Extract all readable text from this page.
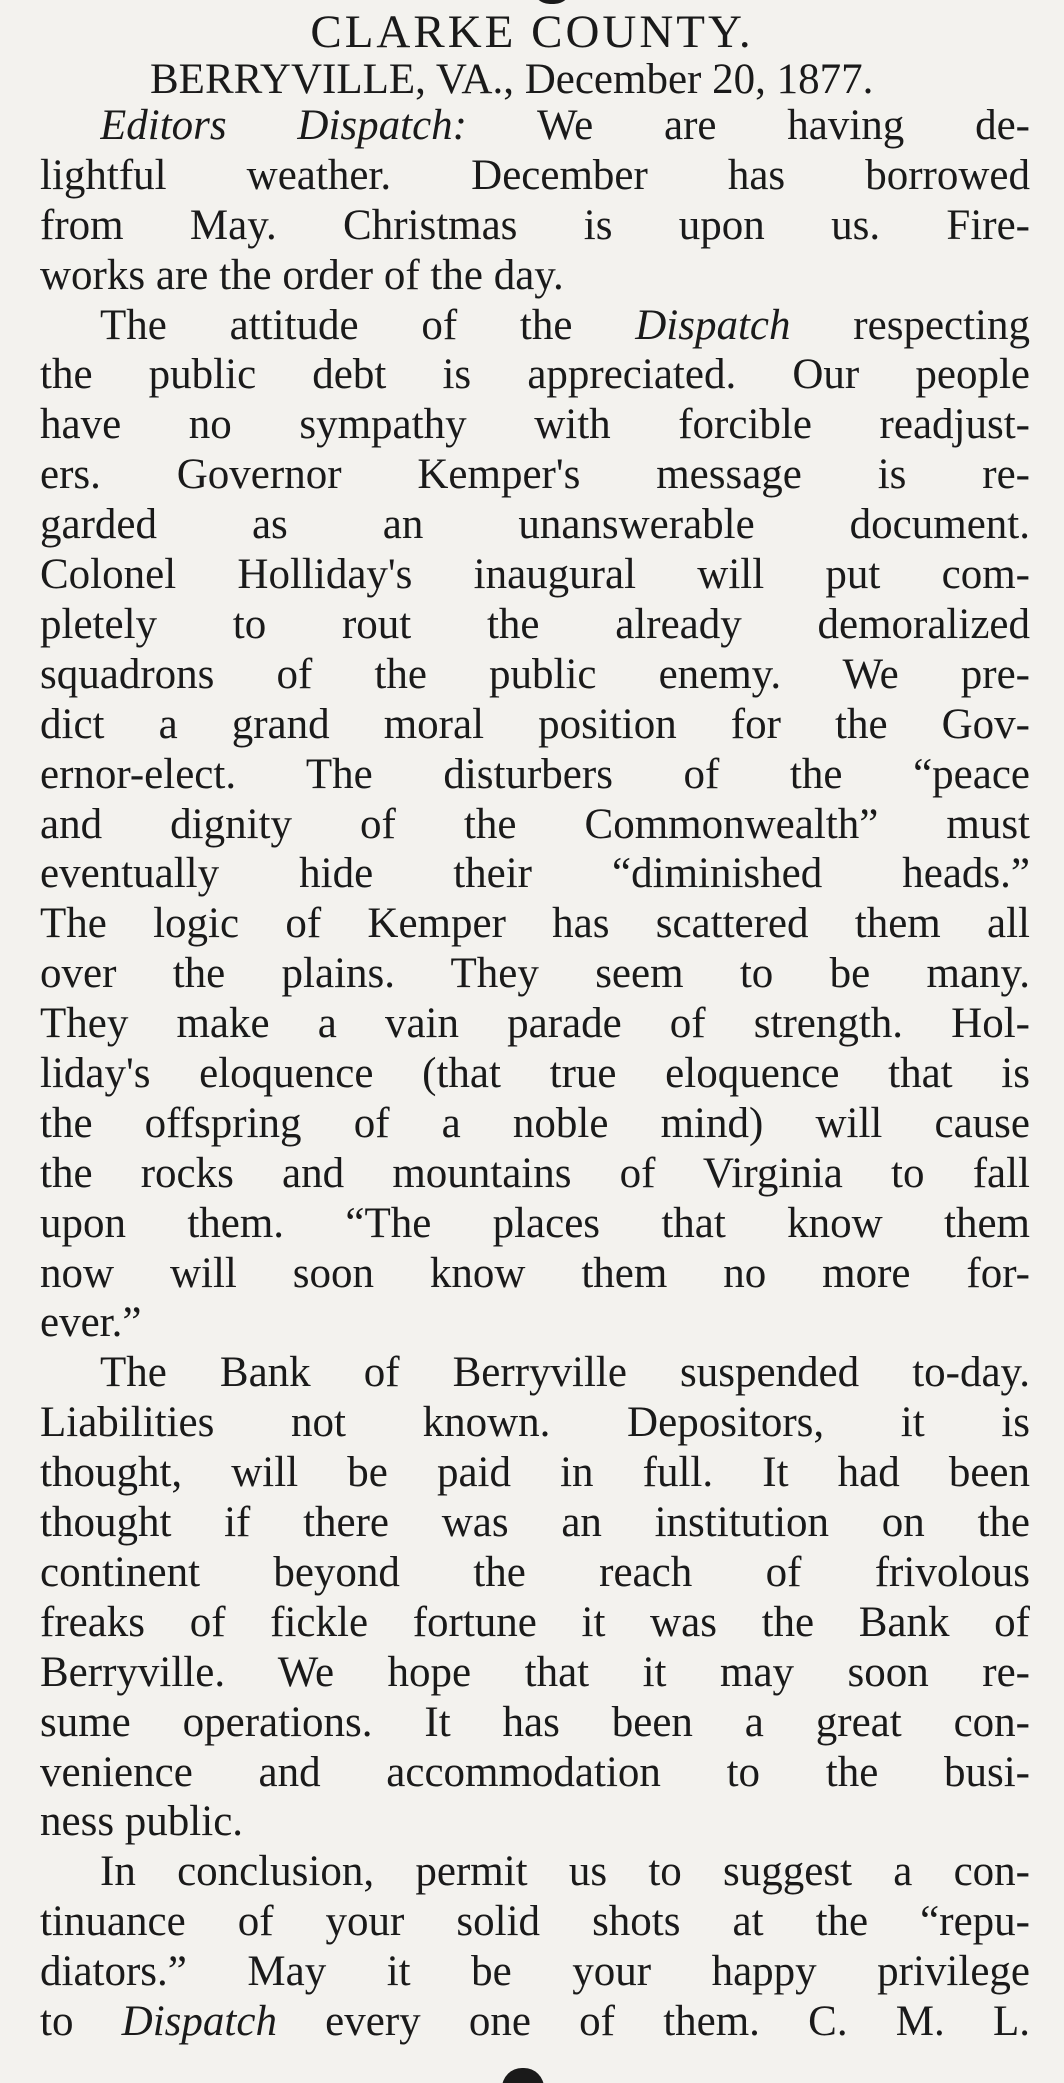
CLARKE COUNTY.

BERRYVILLE, VA., December 20, 1877.

Editors Dispatch: We are having de-

lightful weather. December has borrowed

from May. Christmas is upon us. Fire-

works are the order of the day.

The attitude of the Dispatch respecting

the public debt is appreciated. Our people

have no sympathy with forcible readjust-

ers. Governor Kemper's message is re-

garded as an unanswerable document.

Colonel Holliday's inaugural will put com-

pletely to rout the already demoralized

squadrons of the public enemy. We pre-

dict a grand moral position for the Gov-

ernor-elect. The disturbers of the “peace

and dignity of the Commonwealth” must

eventually hide their “diminished heads.”

The logic of Kemper has scattered them all

over the plains. They seem to be many.

They make a vain parade of strength. Hol-

liday's eloquence (that true eloquence that is

the offspring of a noble mind) will cause

the rocks and mountains of Virginia to fall

upon them. “The places that know them

now will soon know them no more for-

ever.”

The Bank of Berryville suspended to-day.

Liabilities not known. Depositors, it is

thought, will be paid in full. It had been

thought if there was an institution on the

continent beyond the reach of frivolous

freaks of fickle fortune it was the Bank of

Berryville. We hope that it may soon re-

sume operations. It has been a great con-

venience and accommodation to the busi-

ness public.

In conclusion, permit us to suggest a con-

tinuance of your solid shots at the “repu-

diators.” May it be your happy privilege

to Dispatch every one of them. C. M. L.
